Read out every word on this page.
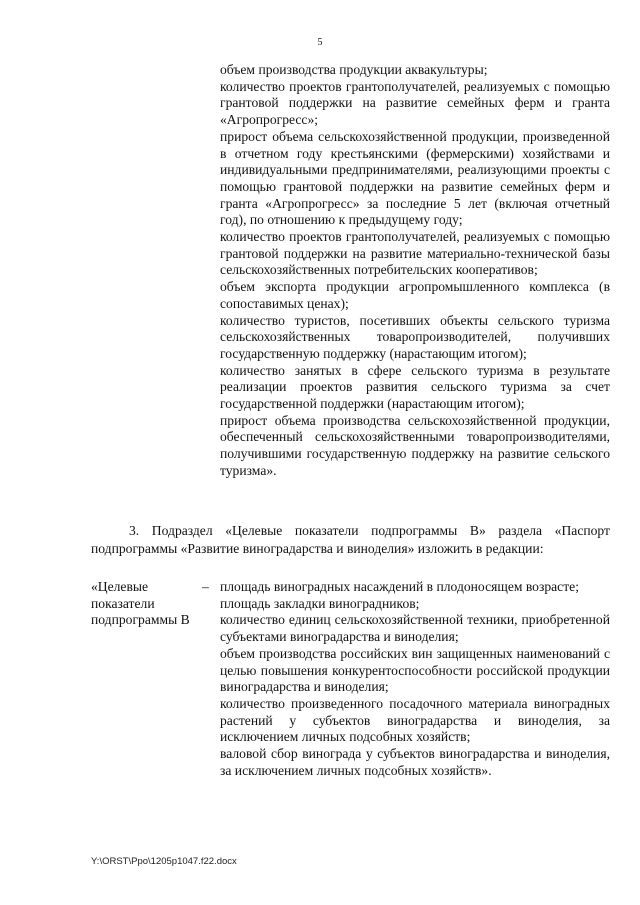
5

объем производства продукции аквакультуры;

количество проектов грантополучателей, реализуемых с помощью грантовой поддержки на развитие семейных ферм и гранта «Агропрогресс»;

прирост объема сельскохозяйственной продукции, произведенной в отчетном году крестьянскими (фермерскими) хозяйствами и индивидуальными предпринимателями, реализующими проекты с помощью грантовой поддержки на развитие семейных ферм и гранта «Агропрогресс» за последние 5 лет (включая отчетный год), по отношению к предыдущему году;

количество проектов грантополучателей, реализуемых с помощью грантовой поддержки на развитие материально-технической базы сельскохозяйственных потребительских кооперативов;

объем экспорта продукции агропромышленного комплекса (в сопоставимых ценах);

количество туристов, посетивших объекты сельского туризма сельскохозяйственных товаропроизводителей, получивших государственную поддержку (нарастающим итогом);

количество занятых в сфере сельского туризма в результате реализации проектов развития сельского туризма за счет государственной поддержки (нарастающим итогом);

прирост объема производства сельскохозяйственной продукции, обеспеченный сельскохозяйственными товаропроизводителями, получившими государственную поддержку на развитие сельского туризма».

3. Подраздел «Целевые показатели подпрограммы В» раздела «Паспорт подпрограммы «Развитие виноградарства и виноделия» изложить в редакции:

«Целевые
показатели
подпрограммы В
– площадь виноградных насаждений в плодоносящем возрасте;

площадь закладки виноградников;

количество единиц сельскохозяйственной техники, приобретенной субъектами виноградарства и виноделия;

объем производства российских вин защищенных наименований с целью повышения конкурентоспособности российской продукции виноградарства и виноделия;

количество произведенного посадочного материала виноградных растений у субъектов виноградарства и виноделия, за исключением личных подсобных хозяйств;

валовой сбор винограда у субъектов виноградарства и виноделия, за исключением личных подсобных хозяйств».

Y:\ORST\Ppo\1205p1047.f22.docx
